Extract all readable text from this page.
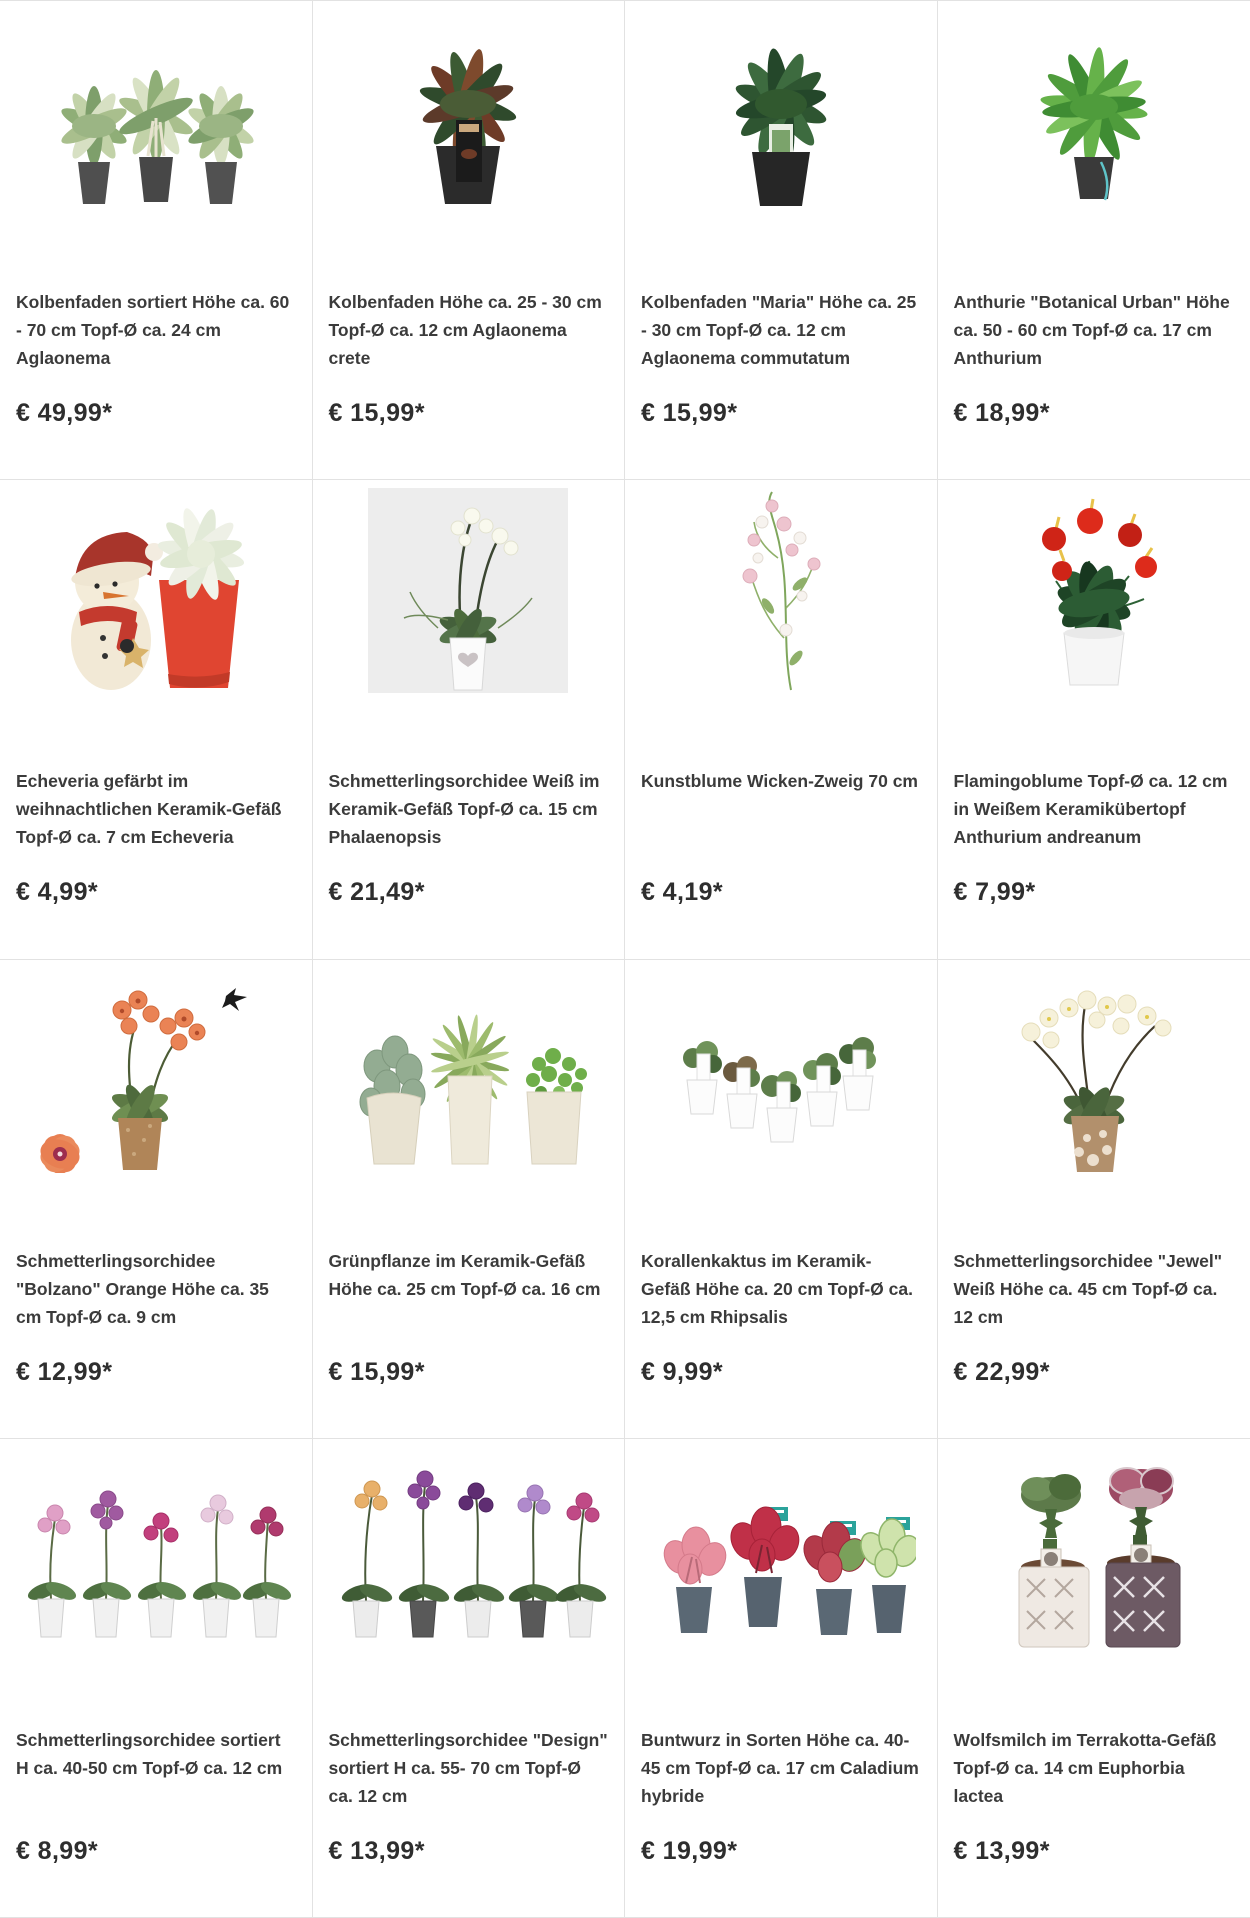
Kolbenfaden sortiert Höhe ca. 60 - 70 cm Topf-Ø ca. 24 cm Aglaonema
€ 49,99*
Kolbenfaden Höhe ca. 25 - 30 cm Topf-Ø ca. 12 cm Aglaonema crete
€ 15,99*
Kolbenfaden "Maria" Höhe ca. 25 - 30 cm Topf-Ø ca. 12 cm Aglaonema commutatum
€ 15,99*
Anthurie "Botanical Urban" Höhe ca. 50 - 60 cm Topf-Ø ca. 17 cm Anthurium
€ 18,99*
Echeveria gefärbt im weihnachtlichen Keramik-Gefäß Topf-Ø ca. 7 cm Echeveria
€ 4,99*
Schmetterlingsorchidee Weiß im Keramik-Gefäß Topf-Ø ca. 15 cm Phalaenopsis
€ 21,49*
Kunstblume Wicken-Zweig 70 cm
€ 4,19*
Flamingoblume Topf-Ø ca. 12 cm in Weißem Keramikübertopf Anthurium andreanum
€ 7,99*
Schmetterlingsorchidee "Bolzano" Orange Höhe ca. 35 cm Topf-Ø ca. 9 cm
€ 12,99*
Grünpflanze im Keramik-Gefäß Höhe ca. 25 cm Topf-Ø ca. 16 cm
€ 15,99*
Korallenkaktus im Keramik-Gefäß Höhe ca. 20 cm Topf-Ø ca. 12,5 cm Rhipsalis
€ 9,99*
Schmetterlingsorchidee "Jewel" Weiß Höhe ca. 45 cm Topf-Ø ca. 12 cm
€ 22,99*
Schmetterlingsorchidee sortiert H ca. 40-50 cm Topf-Ø ca. 12 cm
€ 8,99*
Schmetterlingsorchidee "Design" sortiert H ca. 55- 70 cm Topf-Ø ca. 12 cm
€ 13,99*
Buntwurz in Sorten Höhe ca. 40-45 cm Topf-Ø ca. 17 cm Caladium hybride
€ 19,99*
Wolfsmilch im Terrakotta-Gefäß Topf-Ø ca. 14 cm Euphorbia lactea
€ 13,99*
